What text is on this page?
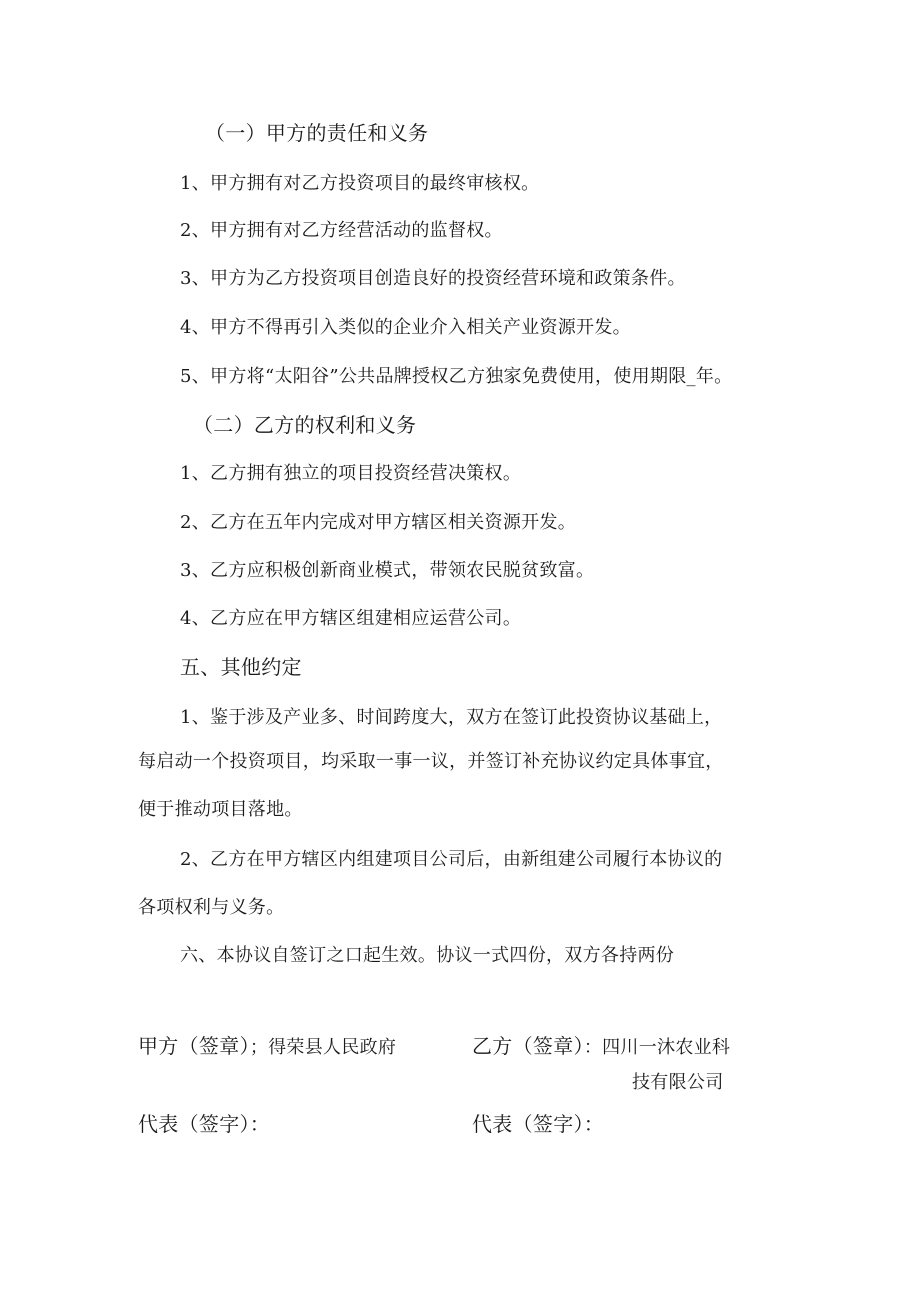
（一）甲方的责任和义务
1、甲方拥有对乙方投资项目的最终审核权。
2、甲方拥有对乙方经营活动的监督权。
3、甲方为乙方投资项目创造良好的投资经营环境和政策条件。
4、甲方不得再引入类似的企业介入相关产业资源开发。
5、甲方将“太阳谷”公共品牌授权乙方独家免费使用，使用期限_年。
（二）乙方的权利和义务
1、乙方拥有独立的项目投资经营决策权。
2、乙方在五年内完成对甲方辖区相关资源开发。
3、乙方应积极创新商业模式，带领农民脱贫致富。
4、乙方应在甲方辖区组建相应运营公司。
五、其他约定
1、鉴于涉及产业多、时间跨度大，双方在签订此投资协议基础上，
每启动一个投资项目，均采取一事一议，并签订补充协议约定具体事宜，
便于推动项目落地。
2、乙方在甲方辖区内组建项目公司后，由新组建公司履行本协议的
各项权利与义务。
六、本协议自签订之口起生效。协议一式四份，双方各持两份
甲方（签章）；得荣县人民政府	乙方（签章）：四川一沐农业科
技有限公司
代表（签字）：	代表（签字）：
